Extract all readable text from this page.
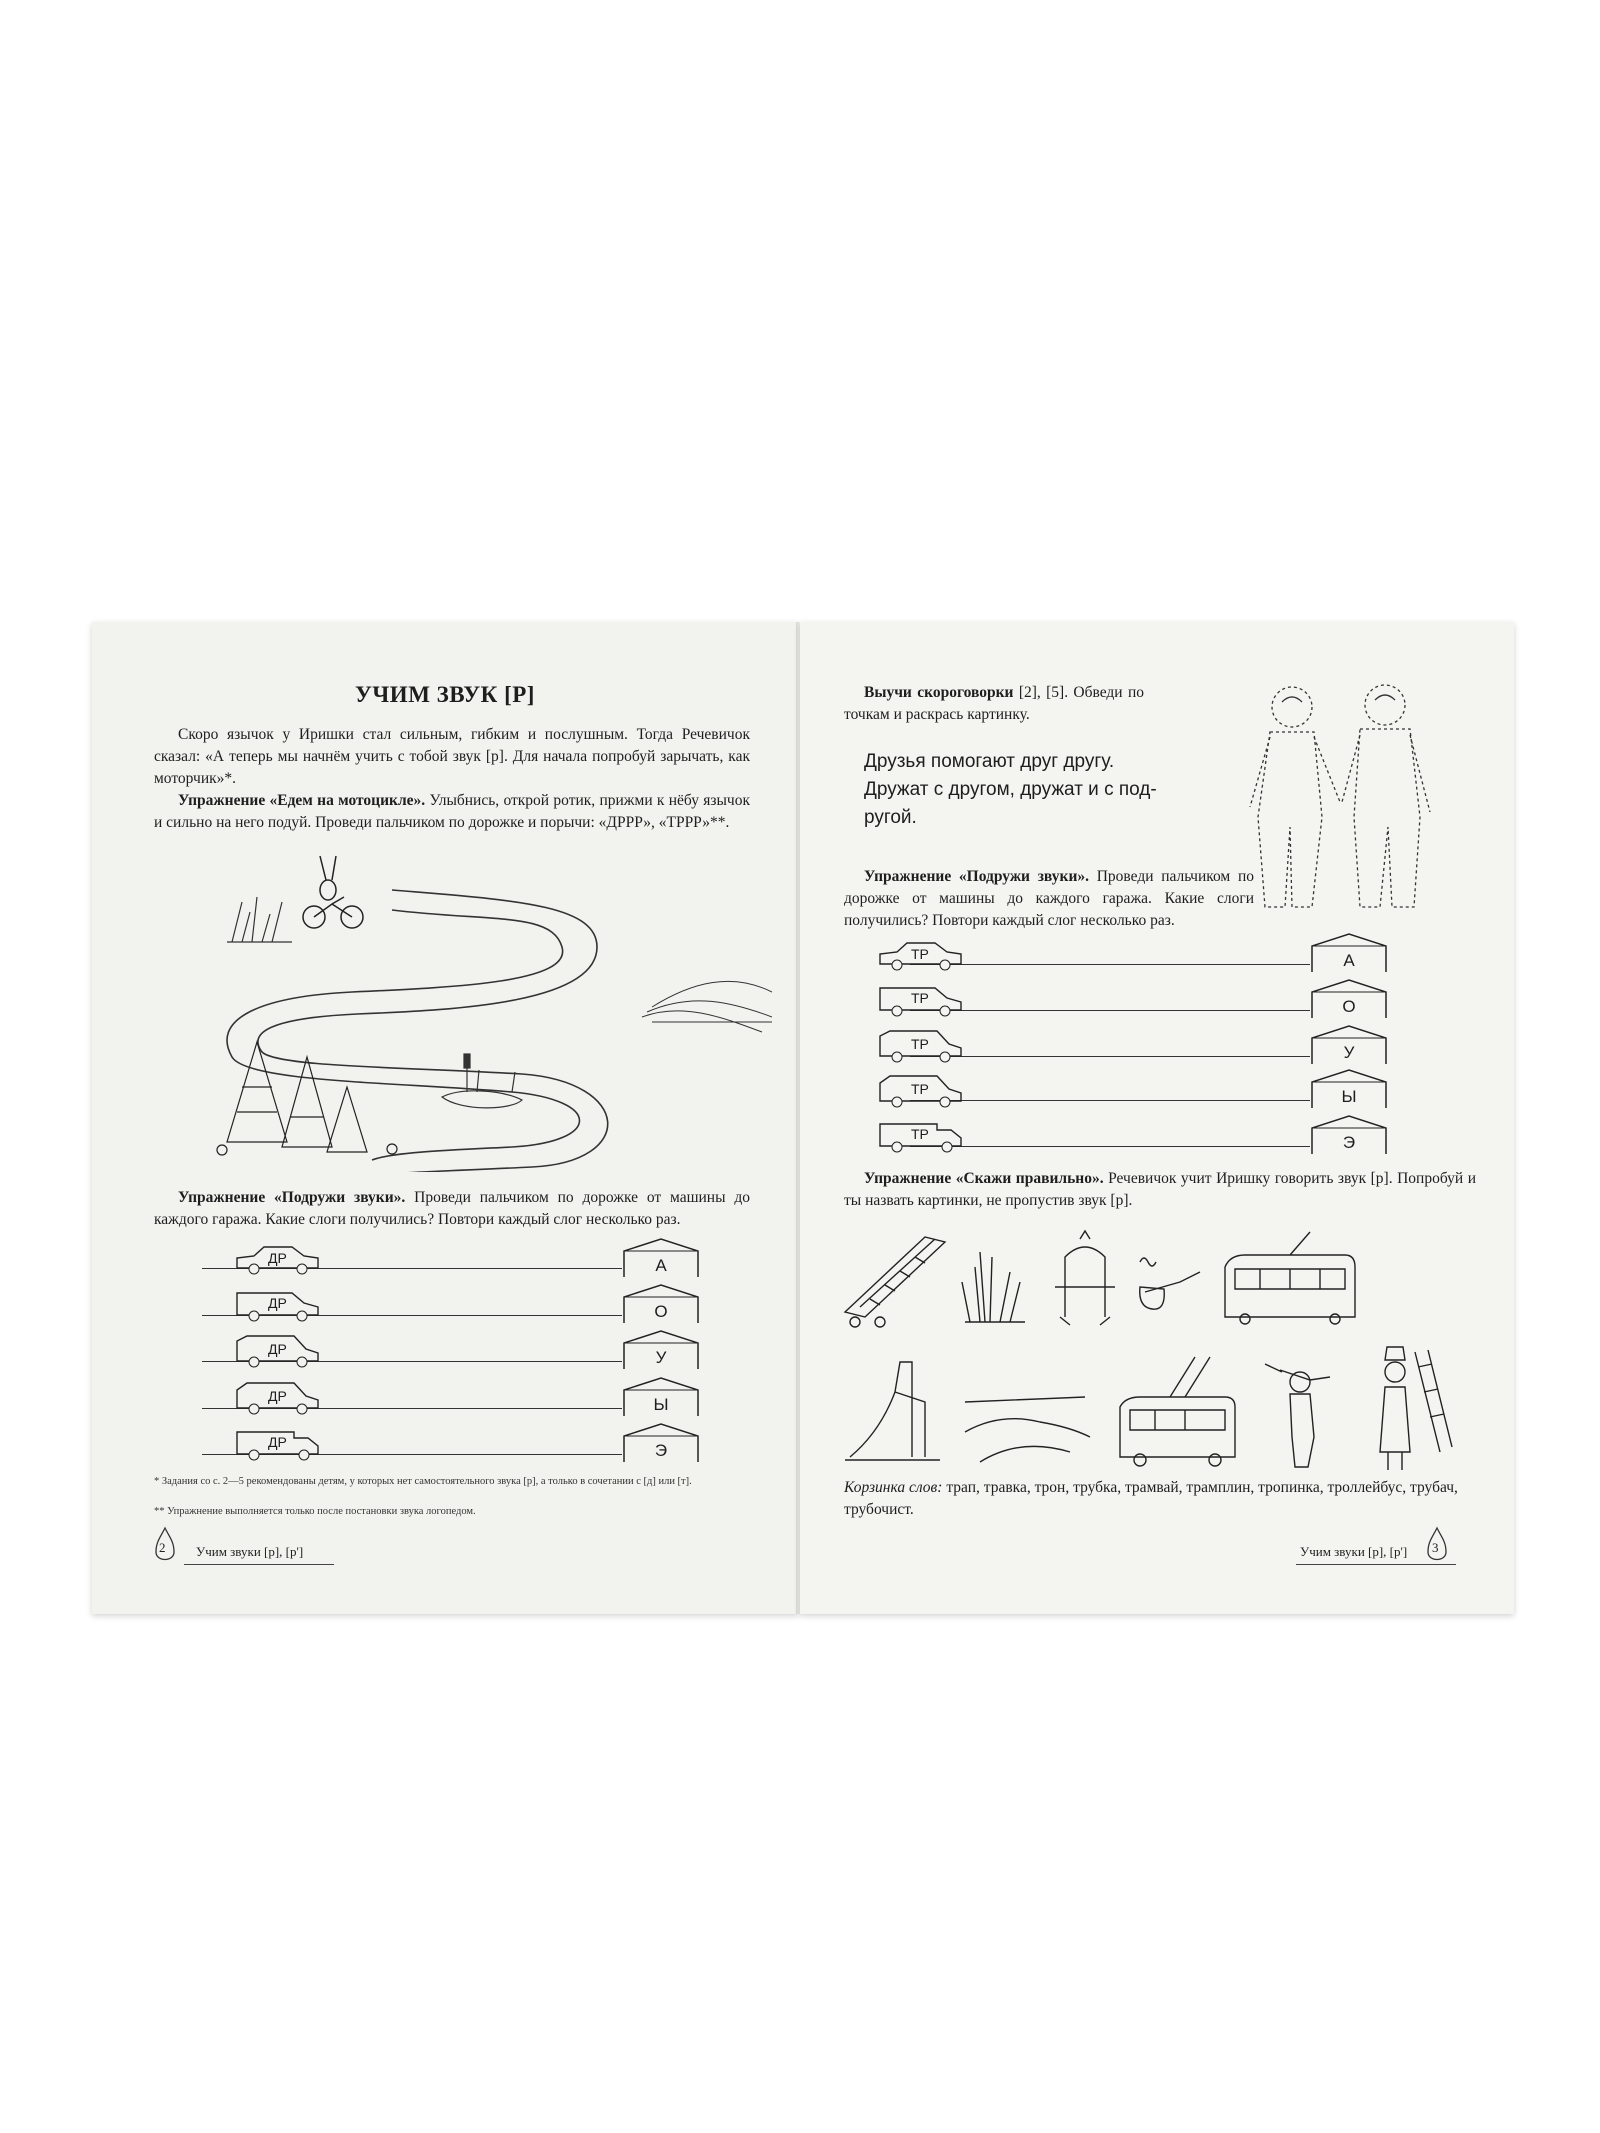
УЧИМ ЗВУК [Р]
Скоро язычок у Иришки стал сильным, гибким и послушным. Тогда Речевичок сказал: «А теперь мы начнём учить с тобой звук [р]. Для начала попробуй зарычать, как моторчик»*.
Упражнение «Едем на мотоцикле». Улыбнись, открой ротик, прижми к нёбу язычок и сильно на него подуй. Проведи пальчиком по дорожке и порычи: «ДРРР», «ТРРР»**.
Упражнение «Подружи звуки». Проведи пальчиком по дорожке от машины до каждого гаража. Какие слоги получились? Повтори каждый слог несколько раз.
ДР
ДР
ДР
ДР
ДР
А
О
У
Ы
Э
* Задания со с. 2—5 рекомендованы детям, у которых нет самостоятельного звука [р], а только в сочетании с [д] или [т].
** Упражнение выполняется только после постановки звука логопедом.
2 Учим звуки [р], [р']
Выучи скороговорки [2], [5]. Обведи по точкам и раскрась картинку.
Друзья помогают друг другу.
Дружат с другом, дружат и с под-
ругой.
Упражнение «Подружи звуки». Проведи пальчиком по дорожке от машины до каждого гаража. Какие слоги получились? Повтори каждый слог несколько раз.
ТР
ТР
ТР
ТР
ТР
А
О
У
Ы
Э
Упражнение «Скажи правильно». Речевичок учит Иришку говорить звук [р]. Попробуй и ты назвать картинки, не пропустив звук [р].
Корзинка слов: трап, травка, трон, трубка, трамвай, трамплин, тропинка, троллейбус, трубач, трубочист.
Учим звуки [р], [р'] 3
